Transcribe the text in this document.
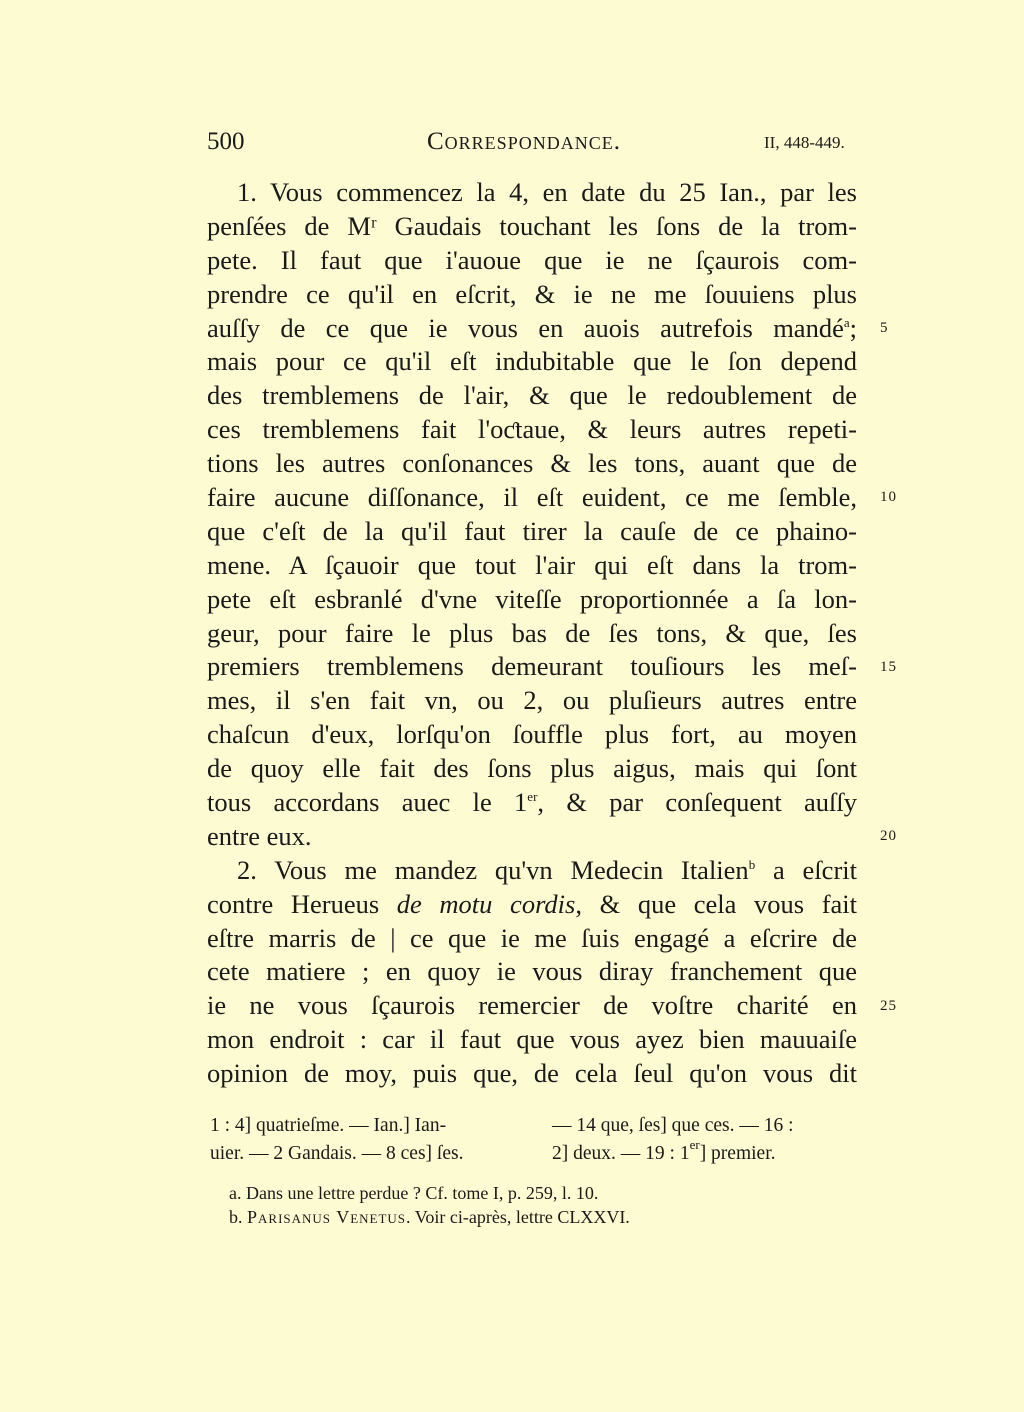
500	Correspondance.	II, 448-449.
1. Vous commencez la 4, en date du 25 Ian., par les
penſées de Mʳ Gaudais touchant les ſons de la trom-
pete. Il faut que i'auoue que ie ne ſçaurois com-
prendre ce qu'il en eſcrit, & ie ne me ſouuiens plus
auſſy de ce que ie vous en auois autrefois mandé$^a$;
mais pour ce qu'il eſt indubitable que le ſon depend
des tremblemens de l'air, & que le redoublement de
ces tremblemens fait l'oƈtaue, & leurs autres repeti-
tions les autres conſonances & les tons, auant que de
faire aucune diſſonance, il eſt euident, ce me ſemble,
que c'eſt de la qu'il faut tirer la cauſe de ce phaino-
mene. A ſçauoir que tout l'air qui eſt dans la trom-
pete eſt esbranlé d'vne viteſſe proportionnée a ſa lon-
geur, pour faire le plus bas de ſes tons, & que, ſes
premiers tremblemens demeurant touſiours les meſ-
mes, il s'en fait vn, ou 2, ou pluſieurs autres entre
chaſcun d'eux, lorſqu'on ſouffle plus fort, au moyen
de quoy elle fait des ſons plus aigus, mais qui ſont
tous accordans auec le 1er, & par conſequent auſſy
entre eux.
2. Vous me mandez qu'vn Medecin Italien$^b$ a eſcrit
contre Herueus de motu cordis, & que cela vous fait
eſtre marris de | ce que ie me ſuis engagé a eſcrire de
cete matiere ; en quoy ie vous diray franchement que
ie ne vous ſçaurois remercier de voſtre charité en
mon endroit : car il faut que vous ayez bien mauuaiſe
opinion de moy, puis que, de cela ſeul qu'on vous dit
5
10
15
20
25
1 : 4] quatrieſme. — Ian.] Ian-	— 14 que, ſes] que ces. — 16 :
uier. — 2 Gandais. — 8 ces] ſes.	2] deux. — 19 : 1er] premier.
a. Dans une lettre perdue ? Cf. tome I, p. 259, l. 10.
b. Parisanus Venetus. Voir ci-après, lettre CLXXVI.
